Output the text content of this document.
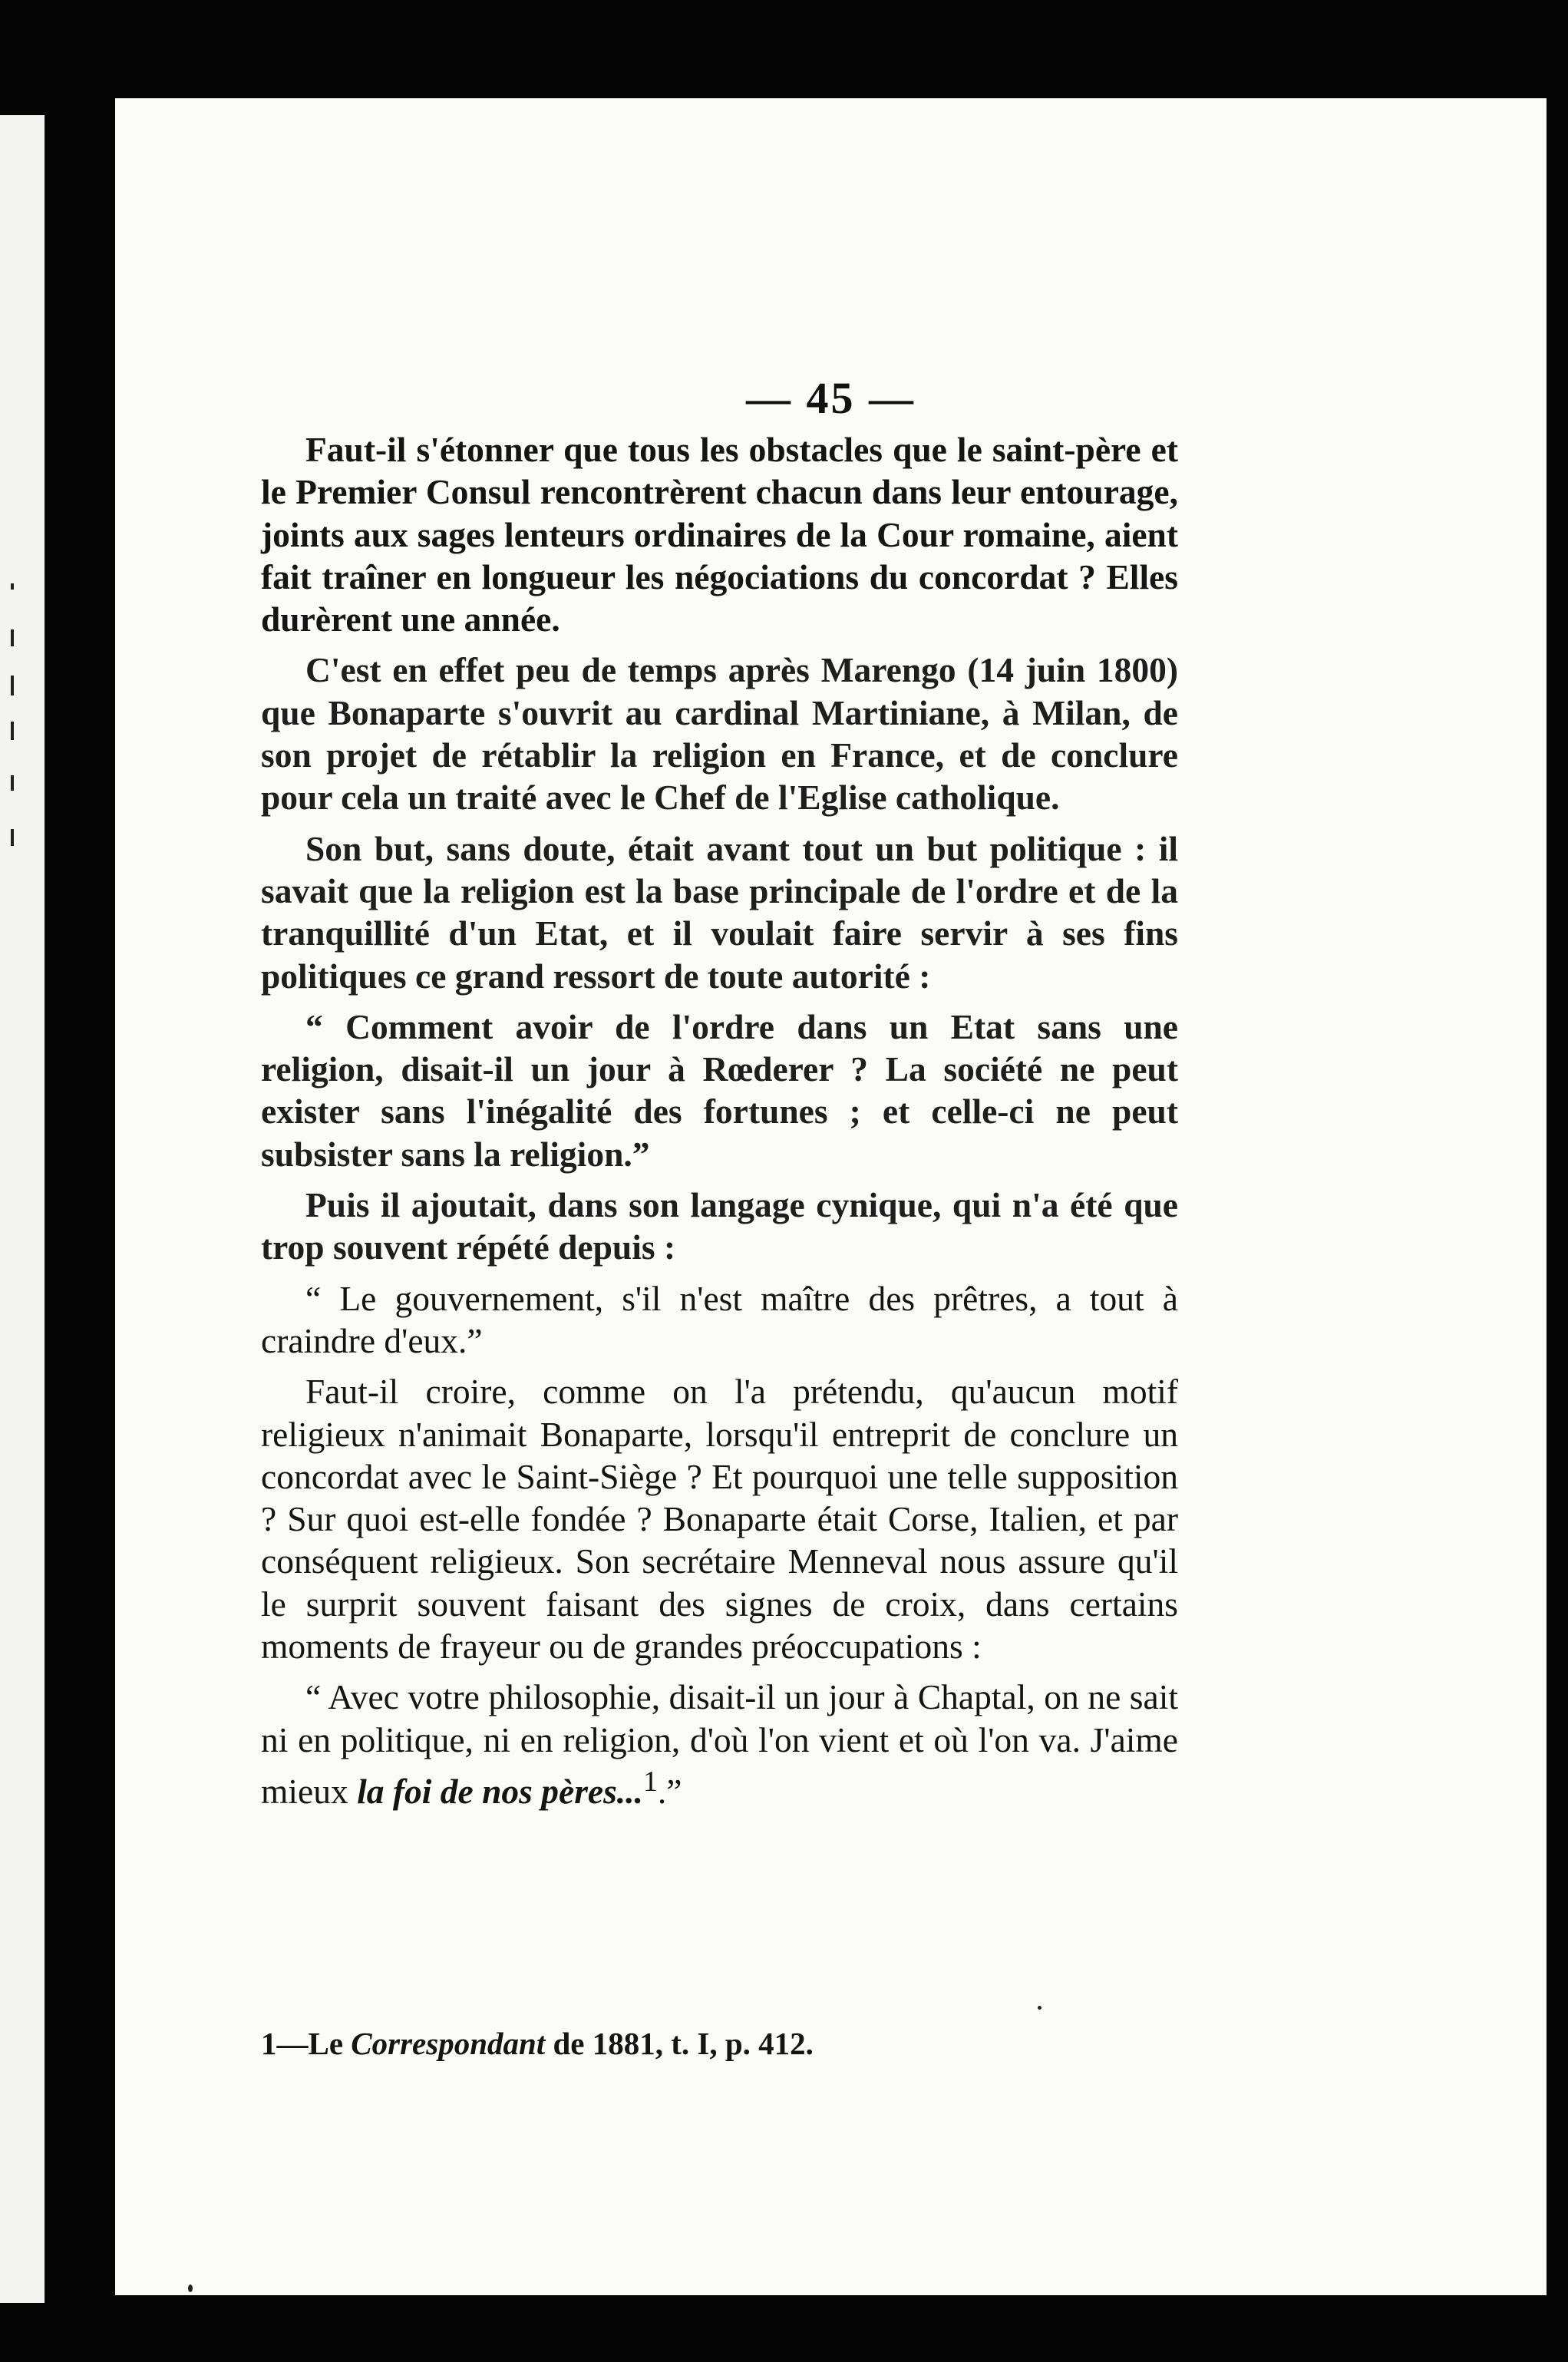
— 45 —

Faut-il s'étonner que tous les obstacles que le saint-père et le Premier Consul rencontrèrent chacun dans leur entourage, joints aux sages lenteurs ordinaires de la Cour romaine, aient fait traîner en longueur les négociations du concordat ? Elles durèrent une année.

C'est en effet peu de temps après Marengo (14 juin 1800) que Bonaparte s'ouvrit au cardinal Martiniane, à Milan, de son projet de rétablir la religion en France, et de conclure pour cela un traité avec le Chef de l'Eglise catholique.

Son but, sans doute, était avant tout un but politique : il savait que la religion est la base principale de l'ordre et de la tranquillité d'un Etat, et il voulait faire servir à ses fins politiques ce grand ressort de toute autorité :

“ Comment avoir de l'ordre dans un Etat sans une religion, disait-il un jour à Rœderer ? La société ne peut exister sans l'inégalité des fortunes ; et celle-ci ne peut subsister sans la religion.”

Puis il ajoutait, dans son langage cynique, qui n'a été que trop souvent répété depuis :

“ Le gouvernement, s'il n'est maître des prêtres, a tout à craindre d'eux.”

Faut-il croire, comme on l'a prétendu, qu'aucun motif religieux n'animait Bonaparte, lorsqu'il entreprit de conclure un concordat avec le Saint-Siège ? Et pourquoi une telle supposition ? Sur quoi est-elle fondée ? Bonaparte était Corse, Italien, et par conséquent religieux. Son secrétaire Menneval nous assure qu'il le surprit souvent faisant des signes de croix, dans certains moments de frayeur ou de grandes préoccupations :

“ Avec votre philosophie, disait-il un jour à Chaptal, on ne sait ni en politique, ni en religion, d'où l'on vient et où l'on va. J'aime mieux la foi de nos pères...$^1$.”

1—Le Correspondant de 1881, t. I, p. 412.
